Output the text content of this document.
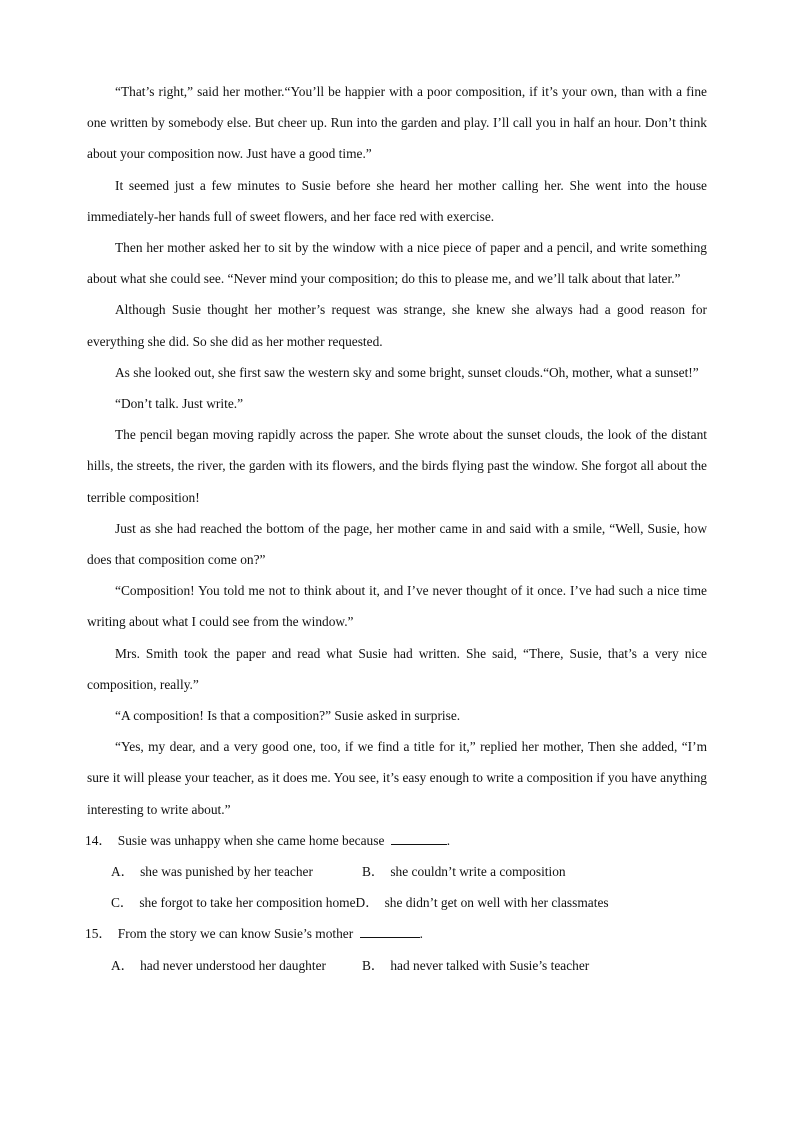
“That’s right,” said her mother.“You’ll be happier with a poor composition, if it’s your own, than with a fine one written by somebody else. But cheer up. Run into the garden and play. I’ll call you in half an hour. Don’t think about your composition now. Just have a good time.”

It seemed just a few minutes to Susie before she heard her mother calling her. She went into the house immediately-her hands full of sweet flowers, and her face red with exercise.

Then her mother asked her to sit by the window with a nice piece of paper and a pencil, and write something about what she could see. “Never mind your composition; do this to please me, and we’ll talk about that later.”

Although Susie thought her mother’s request was strange, she knew she always had a good reason for everything she did. So she did as her mother requested.

As she looked out, she first saw the western sky and some bright, sunset clouds.“Oh, mother, what a sunset!”

“Don’t talk. Just write.”

The pencil began moving rapidly across the paper. She wrote about the sunset clouds, the look of the distant hills, the streets, the river, the garden with its flowers, and the birds flying past the window. She forgot all about the terrible composition!

Just as she had reached the bottom of the page, her mother came in and said with a smile, “Well, Susie, how does that composition come on?”

“Composition! You told me not to think about it, and I’ve never thought of it once. I’ve had such a nice time writing about what I could see from the window.”

Mrs. Smith took the paper and read what Susie had written. She said, “There, Susie, that’s a very nice composition, really.”

“A composition! Is that a composition?” Susie asked in surprise.

“Yes, my dear, and a very good one, too, if we find a title for it,” replied her mother, Then she added, “I’m sure it will please your teacher, as it does me. You see, it’s easy enough to write a composition if you have anything interesting to write about.”

14． Susie was unhappy when she came home because	.

A． she was punished by her teacher	B． she couldn’t write a composition

C． she forgot to take her composition homeD． she didn’t get on well with her classmates

15． From the story we can know Susie’s mother	.

A． had never understood her daughter	B． had never talked with Susie’s teacher
